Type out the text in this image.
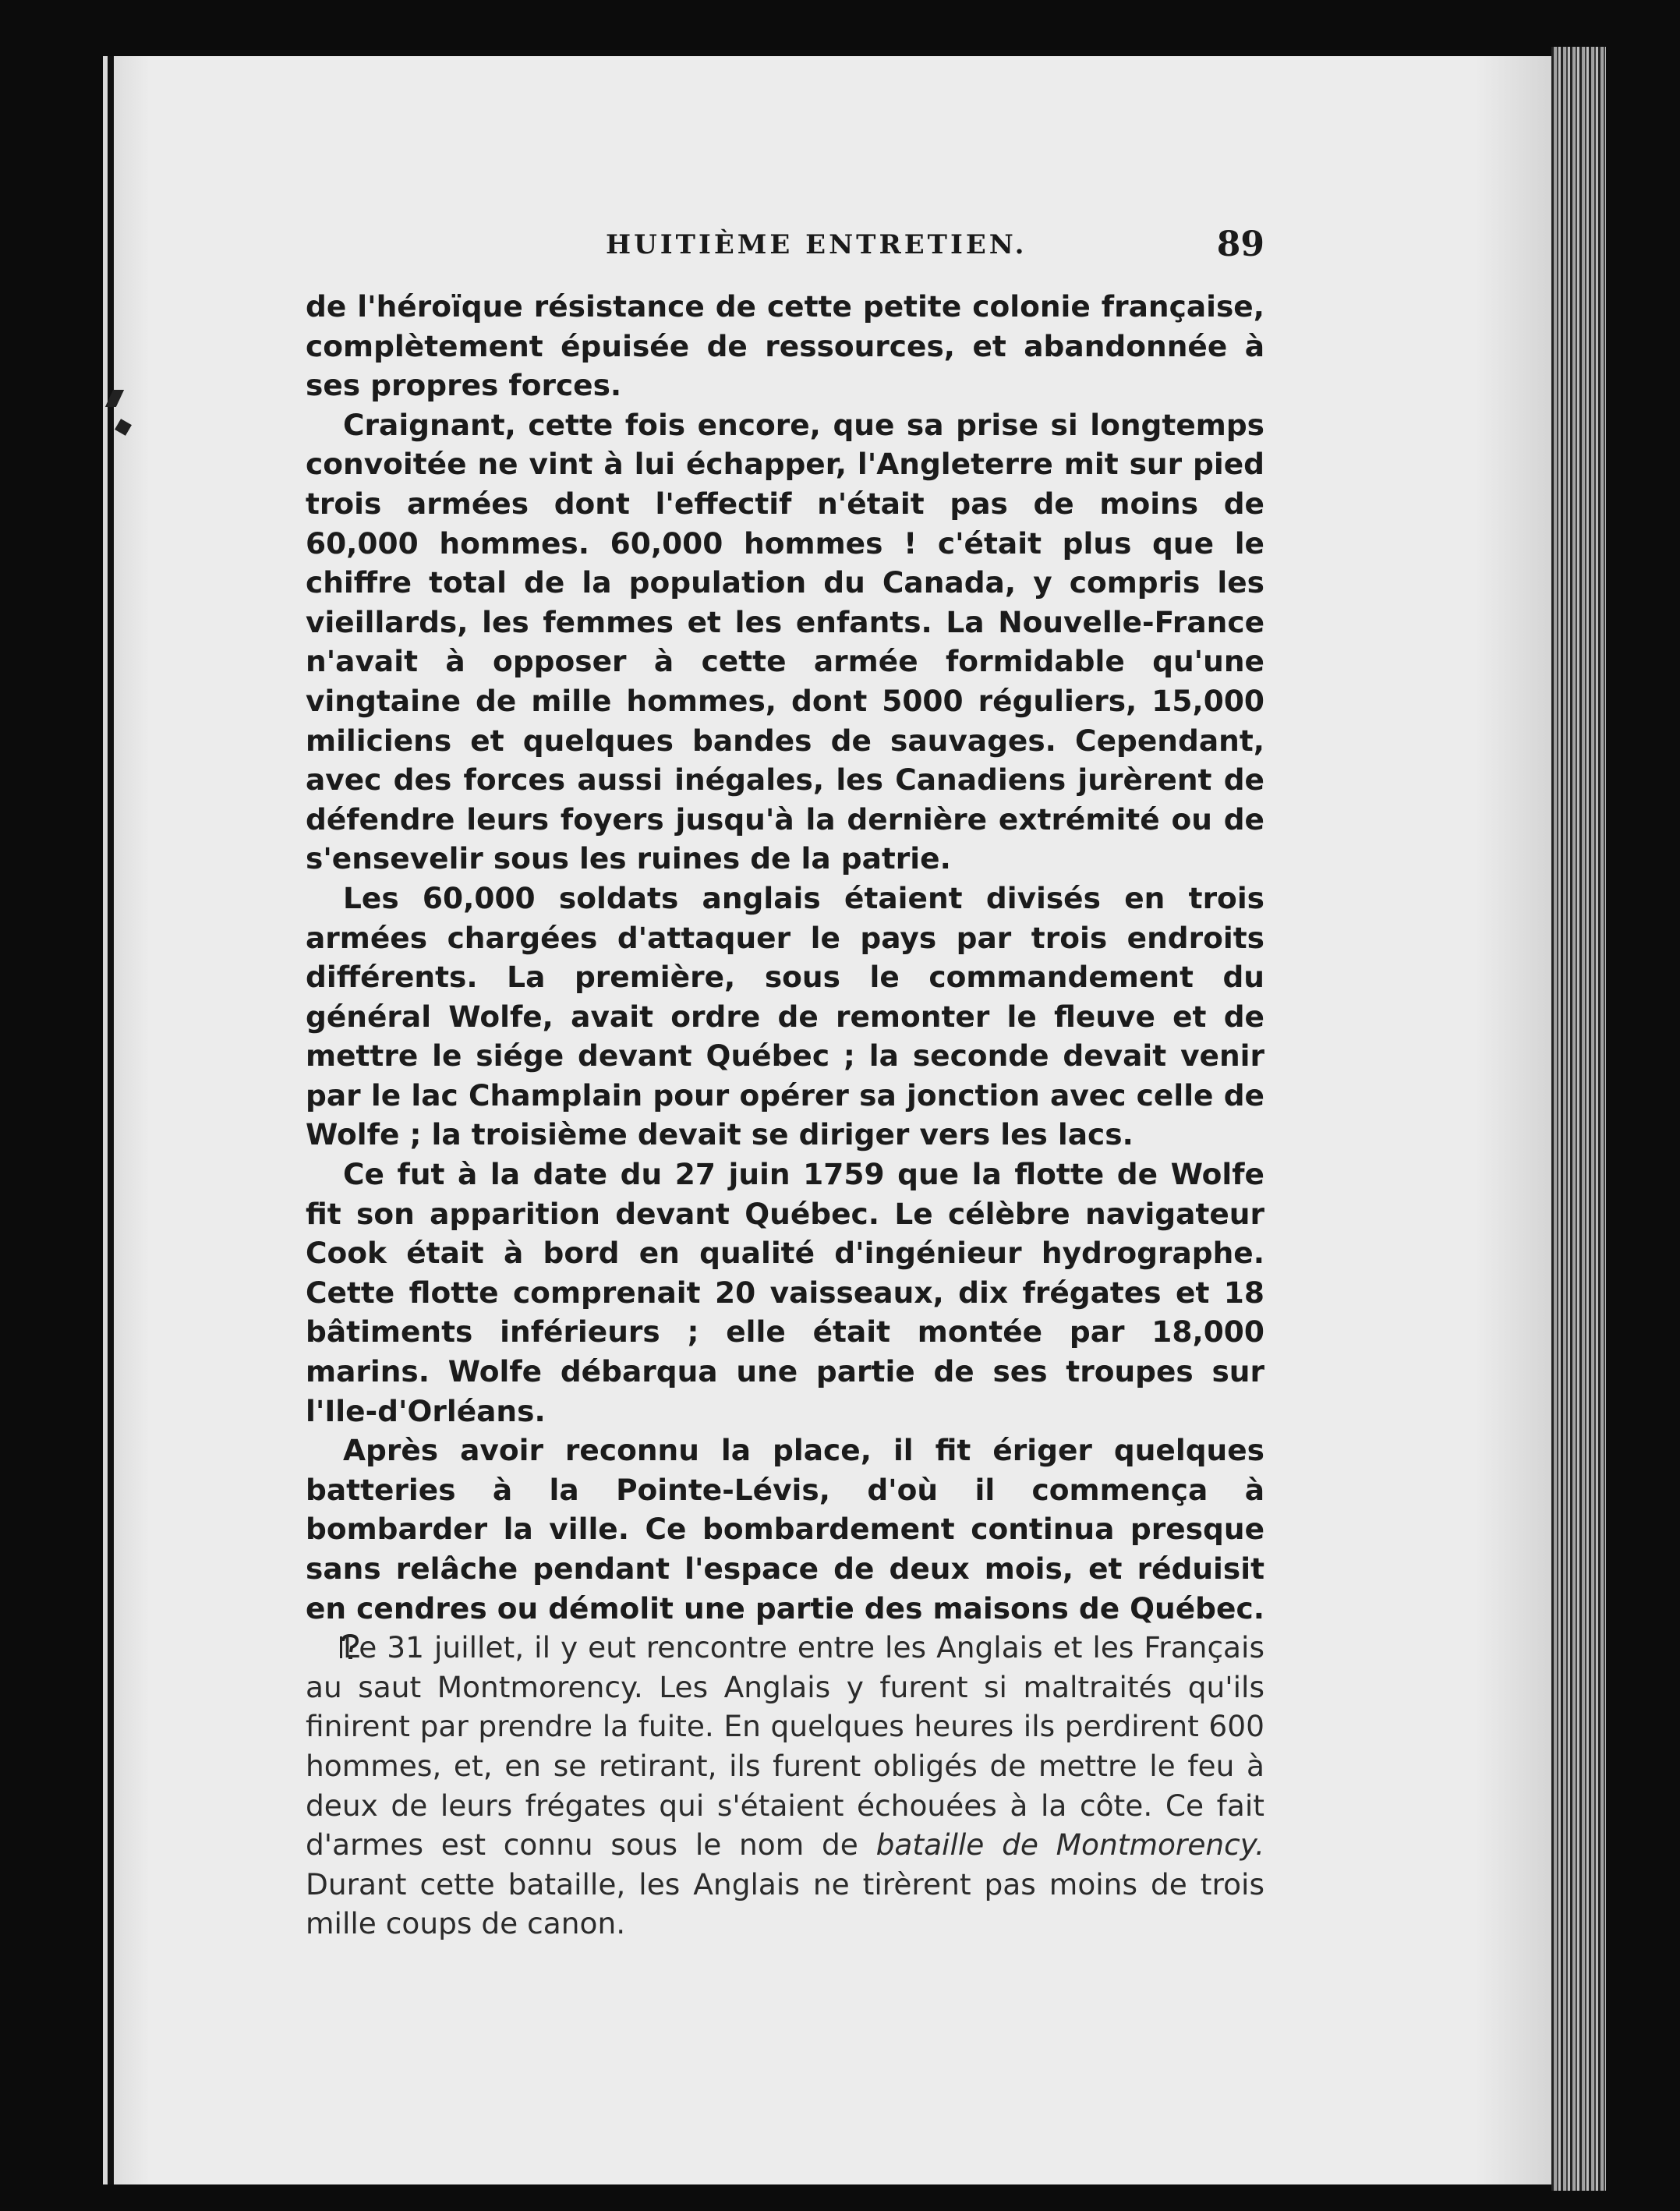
HUITIÈME ENTRETIEN.	89

de l'héroïque résistance de cette petite colonie française, complètement épuisée de ressources, et abandonnée à ses propres forces.

Craignant, cette fois encore, que sa prise si longtemps convoitée ne vint à lui échapper, l'Angleterre mit sur pied trois armées dont l'effectif n'était pas de moins de 60,000 hommes. 60,000 hommes ! c'était plus que le chiffre total de la population du Canada, y compris les vieillards, les femmes et les enfants. La Nouvelle-France n'avait à opposer à cette armée formidable qu'une vingtaine de mille hommes, dont 5000 réguliers, 15,000 miliciens et quelques bandes de sauvages. Cependant, avec des forces aussi inégales, les Canadiens jurèrent de défendre leurs foyers jusqu'à la dernière extrémité ou de s'ensevelir sous les ruines de la patrie.

Les 60,000 soldats anglais étaient divisés en trois armées chargées d'attaquer le pays par trois endroits différents. La première, sous le commandement du général Wolfe, avait ordre de remonter le fleuve et de mettre le siége devant Québec ; la seconde devait venir par le lac Champlain pour opérer sa jonction avec celle de Wolfe ; la troisième devait se diriger vers les lacs.

Ce fut à la date du 27 juin 1759 que la flotte de Wolfe fit son apparition devant Québec. Le célèbre navigateur Cook était à bord en qualité d'ingénieur hydrographe. Cette flotte comprenait 20 vaisseaux, dix frégates et 18 bâtiments inférieurs ; elle était montée par 18,000 marins. Wolfe débarqua une partie de ses troupes sur l'Ile-d'Orléans.

Après avoir reconnu la place, il fit ériger quelques batteries à la Pointe-Lévis, d'où il commença à bombarder la ville. Ce bombardement continua presque sans relâche pendant l'espace de deux mois, et réduisit en cendres ou démolit une partie des maisons de Québec.

Le 31 juillet, il y eut rencontre entre les Anglais et les Français au saut Montmorency. Les Anglais y furent si maltraités qu'ils finirent par prendre la fuite. En quelques heures ils perdirent 600 hommes, et, en se retirant, ils furent obligés de mettre le feu à deux de leurs frégates qui s'étaient échouées à la côte. Ce fait d'armes est connu sous le nom de bataille de Montmorency. Durant cette bataille, les Anglais ne tirèrent pas moins de trois mille coups de canon.
